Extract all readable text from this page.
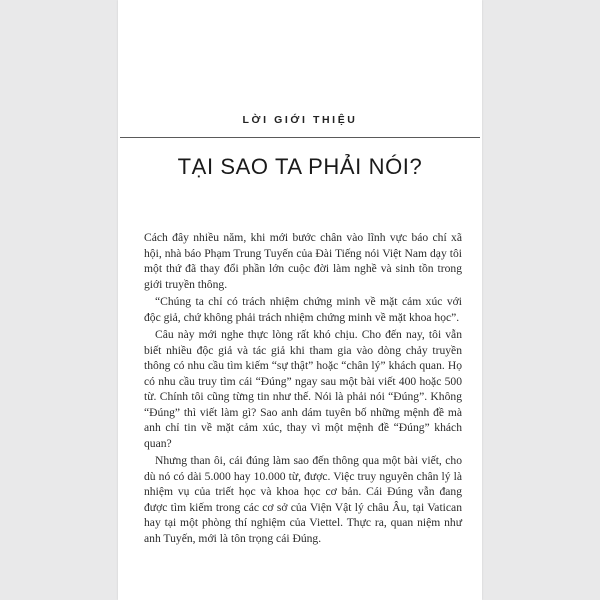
LỜI GIỚI THIỆU
TẠI SAO TA PHẢI NÓI?

Cách đây nhiều năm, khi mới bước chân vào lĩnh vực báo chí xã hội, nhà báo Phạm Trung Tuyến của Đài Tiếng nói Việt Nam dạy tôi một thứ đã thay đổi phần lớn cuộc đời làm nghề và sinh tồn trong giới truyền thông.

“Chúng ta chỉ có trách nhiệm chứng minh về mặt cảm xúc với độc giả, chứ không phải trách nhiệm chứng minh về mặt khoa học”.

Câu này mới nghe thực lòng rất khó chịu. Cho đến nay, tôi vẫn biết nhiều độc giả và tác giả khi tham gia vào dòng chảy truyền thông có nhu cầu tìm kiếm “sự thật” hoặc “chân lý” khách quan. Họ có nhu cầu truy tìm cái “Đúng” ngay sau một bài viết 400 hoặc 500 từ. Chính tôi cũng từng tin như thế. Nói là phải nói “Đúng”. Không “Đúng” thì viết làm gì? Sao anh dám tuyên bố những mệnh đề mà anh chỉ tin về mặt cảm xúc, thay vì một mệnh đề “Đúng” khách quan?

Nhưng than ôi, cái đúng làm sao đến thông qua một bài viết, cho dù nó có dài 5.000 hay 10.000 từ, được. Việc truy nguyên chân lý là nhiệm vụ của triết học và khoa học cơ bản. Cái Đúng vẫn đang được tìm kiếm trong các cơ sở của Viện Vật lý châu Âu, tại Vatican hay tại một phòng thí nghiệm của Viettel. Thực ra, quan niệm như anh Tuyến, mới là tôn trọng cái Đúng.
